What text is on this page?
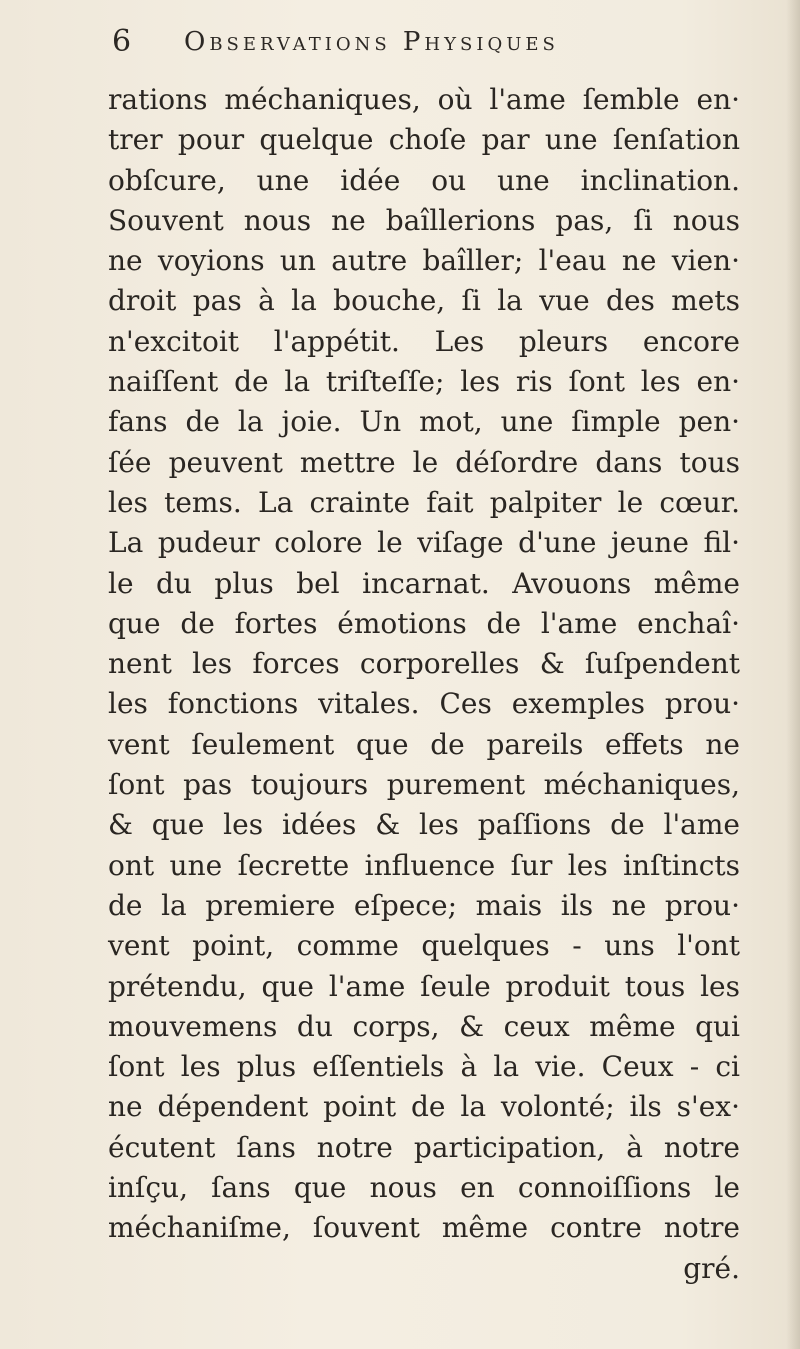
6 Observations Physiques
rations méchaniques, où l'ame ſemble en·
trer pour quelque choſe par une ſenſation
obſcure, une idée ou une inclination.
Souvent nous ne baîllerions pas, ſi nous
ne voyions un autre baîller; l'eau ne vien·
droit pas à la bouche, ſi la vue des mets
n'excitoit l'appétit. Les pleurs encore
naiſſent de la triſteſſe; les ris ſont les en·
fans de la joie. Un mot, une ſimple pen·
ſée peuvent mettre le déſordre dans tous
les tems. La crainte fait palpiter le cœur.
La pudeur colore le viſage d'une jeune fil·
le du plus bel incarnat. Avouons même
que de fortes émotions de l'ame enchaî·
nent les forces corporelles & ſuſpendent
les fonctions vitales. Ces exemples prou·
vent ſeulement que de pareils effets ne
ſont pas toujours purement méchaniques,
& que les idées & les paſſions de l'ame
ont une ſecrette influence ſur les inſtincts
de la premiere eſpece; mais ils ne prou·
vent point, comme quelques - uns l'ont
prétendu, que l'ame ſeule produit tous les
mouvemens du corps, & ceux même qui
ſont les plus eſſentiels à la vie. Ceux - ci
ne dépendent point de la volonté; ils s'ex·
écutent ſans notre participation, à notre
inſçu, ſans que nous en connoiſſions le
méchaniſme, ſouvent même contre notre
gré.
